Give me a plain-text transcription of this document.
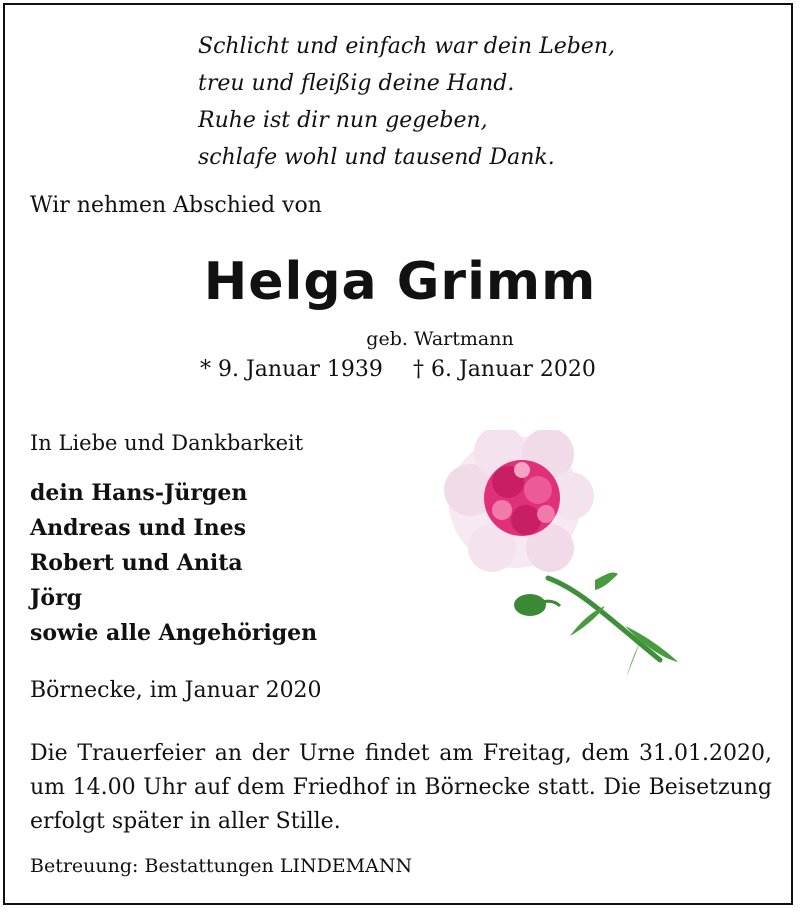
Schlicht und einfach war dein Leben,
treu und fleißig deine Hand.
Ruhe ist dir nun gegeben,
schlafe wohl und tausend Dank.
Wir nehmen Abschied von
Helga Grimm
geb. Wartmann
* 9. Januar 1939 † 6. Januar 2020
In Liebe und Dankbarkeit
dein Hans-Jürgen
Andreas und Ines
Robert und Anita
Jörg
sowie alle Angehörigen
Börnecke, im Januar 2020
Die Trauerfeier an der Urne findet am Freitag, dem 31.01.2020, um 14.00 Uhr auf dem Friedhof in Börnecke statt. Die Beisetzung erfolgt später in aller Stille.
Betreuung: Bestattungen LINDEMANN
